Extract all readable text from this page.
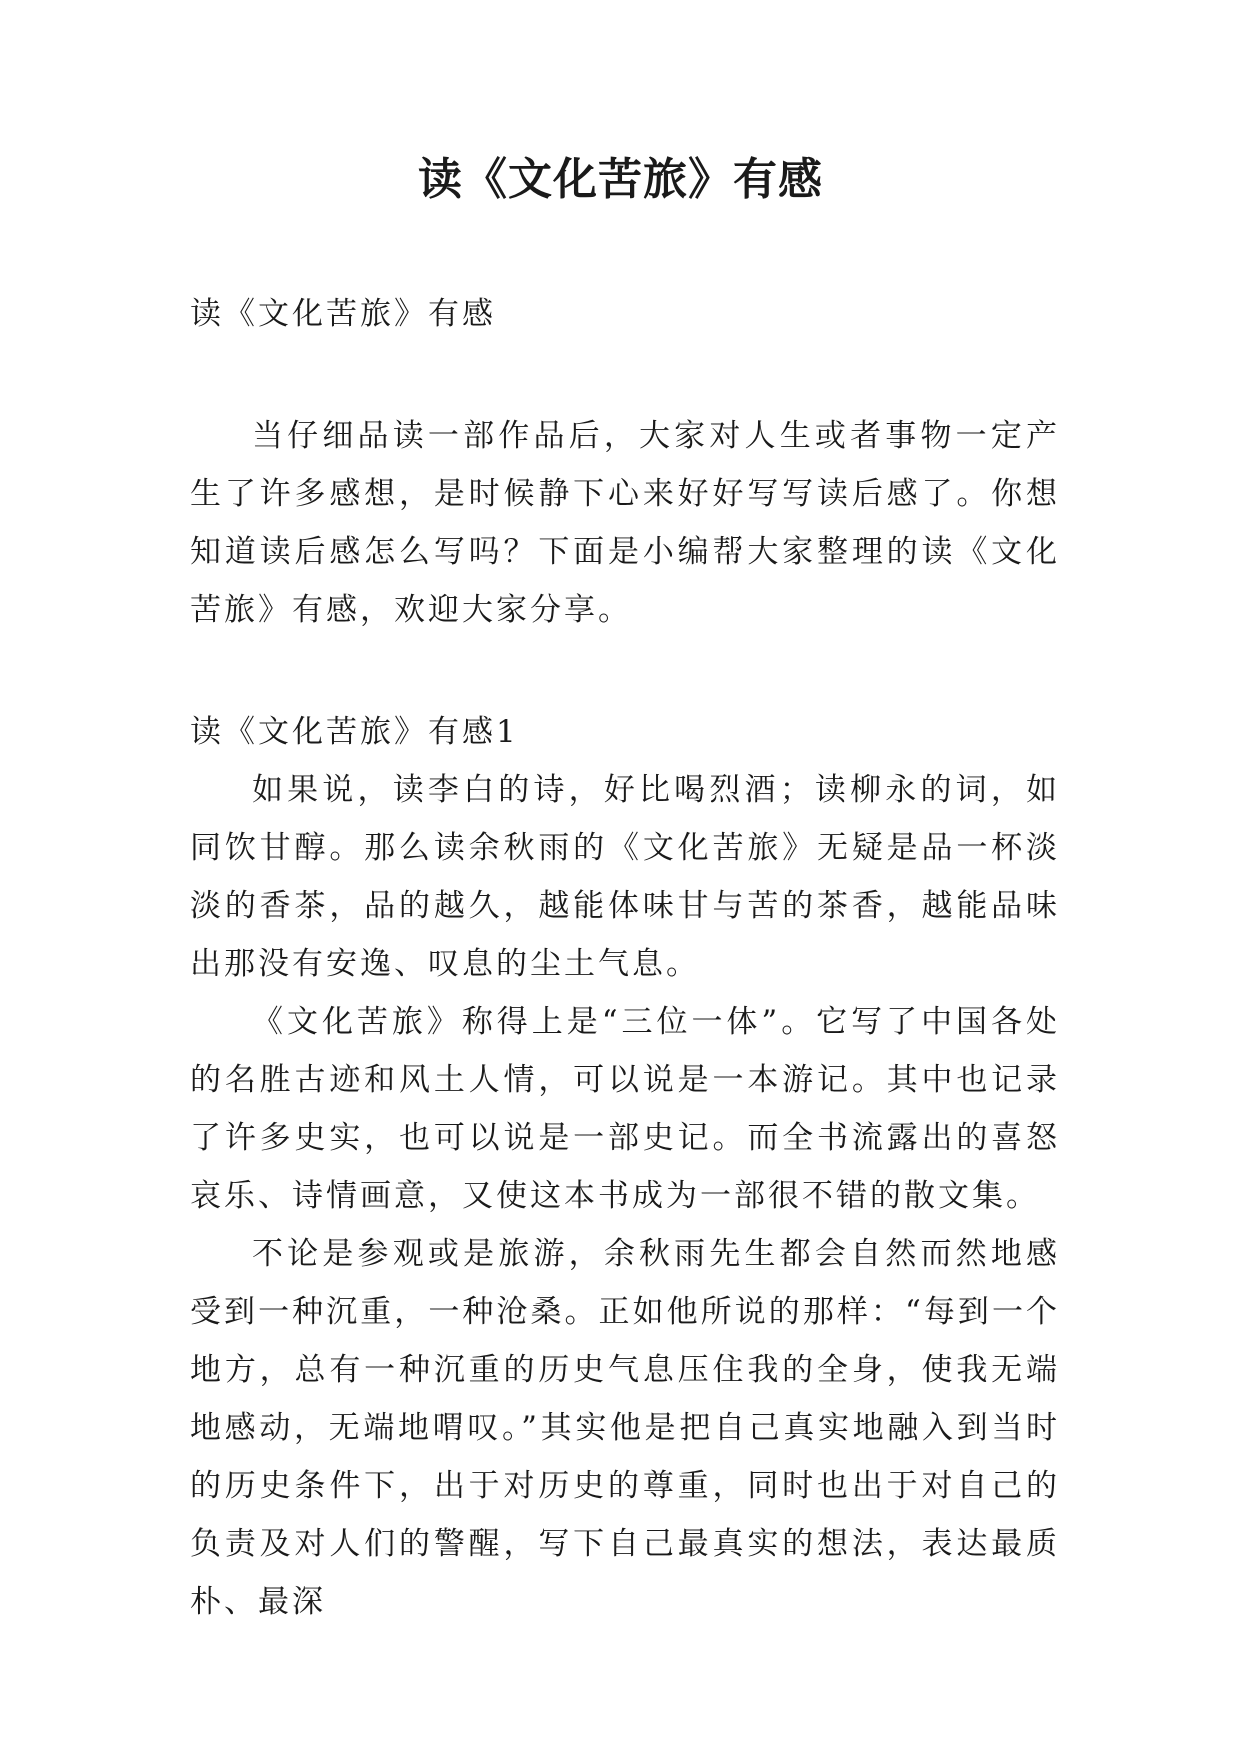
读《文化苦旅》有感

读《文化苦旅》有感

当仔细品读一部作品后，大家对人生或者事物一定产生了许多感想，是时候静下心来好好写写读后感了。你想知道读后感怎么写吗？下面是小编帮大家整理的读《文化苦旅》有感，欢迎大家分享。

读《文化苦旅》有感1

如果说，读李白的诗，好比喝烈酒；读柳永的词，如同饮甘醇。那么读余秋雨的《文化苦旅》无疑是品一杯淡淡的香茶，品的越久，越能体味甘与苦的茶香，越能品味出那没有安逸、叹息的尘土气息。

《文化苦旅》称得上是“三位一体”。它写了中国各处的名胜古迹和风土人情，可以说是一本游记。其中也记录了许多史实，也可以说是一部史记。而全书流露出的喜怒哀乐、诗情画意，又使这本书成为一部很不错的散文集。

不论是参观或是旅游，余秋雨先生都会自然而然地感受到一种沉重，一种沧桑。正如他所说的那样：“每到一个地方，总有一种沉重的历史气息压住我的全身，使我无端地感动，无端地喟叹。”其实他是把自己真实地融入到当时的历史条件下，出于对历史的尊重，同时也出于对自己的负责及对人们的警醒，写下自己最真实的想法，表达最质朴、最深
